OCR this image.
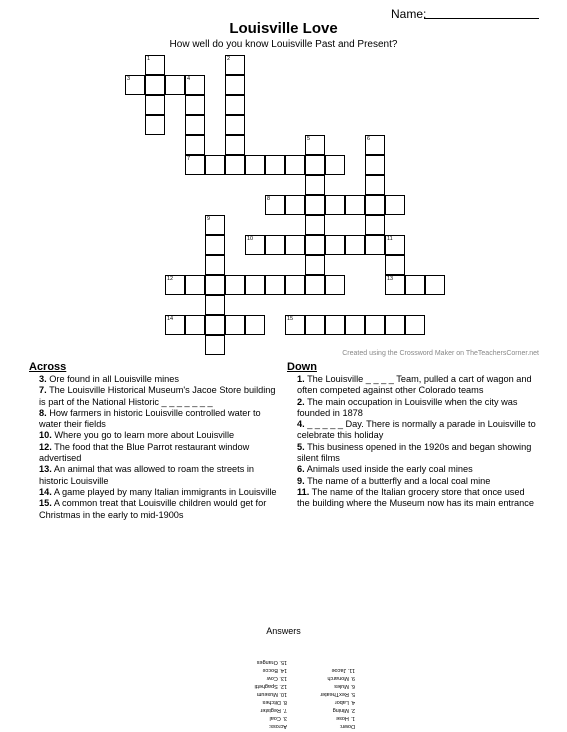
Name:
Louisville Love
How well do you know Louisville Past and Present?
1	2
3	4
7
5	6
8
9
10	11
13
12
14	15
Created using the Crossword Maker on TheTeachersCorner.net
Across
3. Ore found in all Louisville mines
7. The Louisville Historical Museum's Jacoe Store building is part of the National Historic _ _ _ _ _ _ _
8. How farmers in historic Louisville controlled water to water their fields
10. Where you go to learn more about Louisville
12. The food that the Blue Parrot restaurant window advertised
13. An animal that was allowed to roam the streets in historic Louisville
14. A game played by many Italian immigrants in Louisville
15. A common treat that Louisville children would get for Christmas in the early to mid-1900s
Down
1. The Louisville _ _ _ _ Team, pulled a cart of wagon and often competed against other Colorado teams
2. The main occupation in Louisville when the city was founded in 1878
4. _ _ _ _ _ Day. There is normally a parade in Louisville to celebrate this holiday
5. This business opened in the 1920s and began showing silent films
6. Animals used inside the early coal mines
9. The name of a butterfly and a local coal mine
11. The name of the Italian grocery store that once used the building where the Museum now has its main entrance
Answers
Down:
1. Hose
2. Mining
4. Labor
5. RexTheater
6. Mules
9. Monarch
11. Jacoe
Across:
3. Coal
7. Register
8. Ditches
10. Museum
12. Spaghetti
13. Cow
14. Bocce
15. Oranges
